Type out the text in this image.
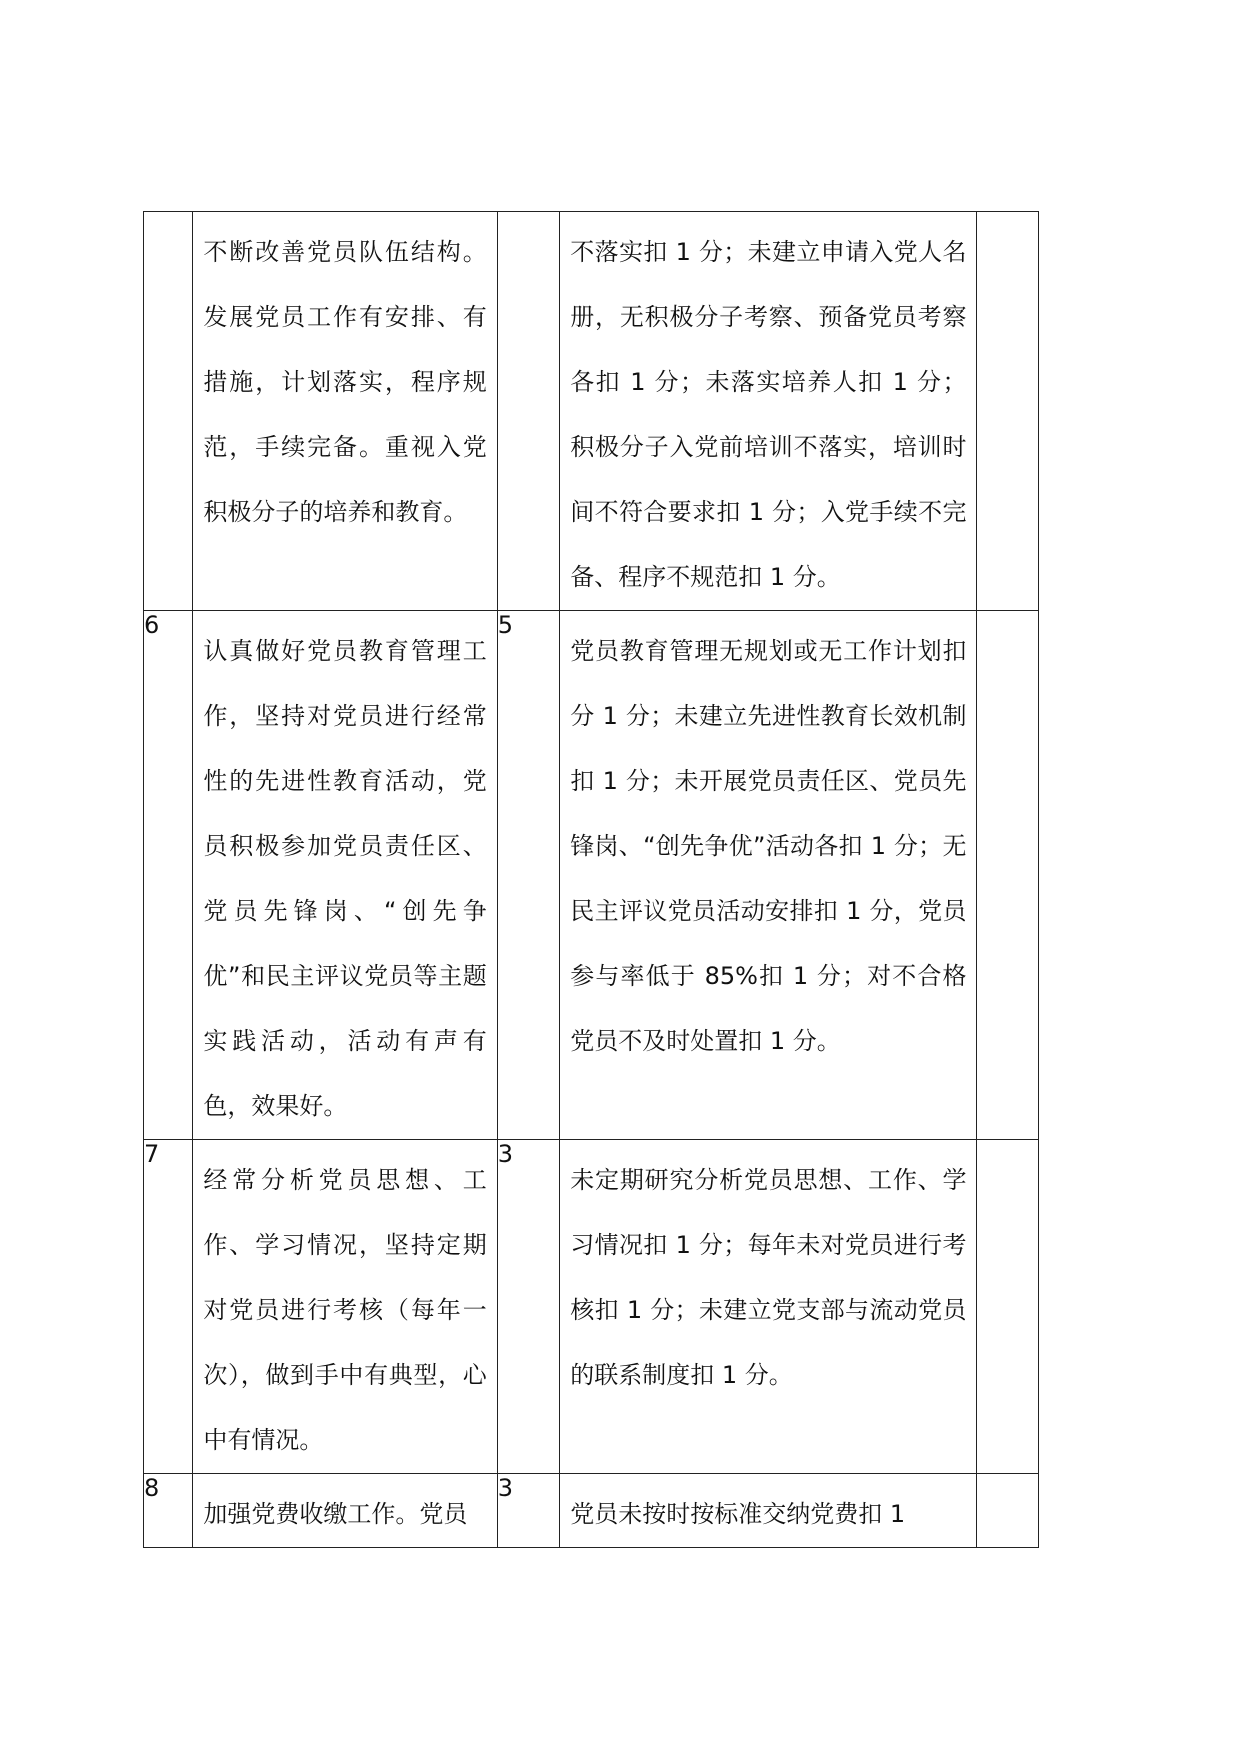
	不断改善党员队伍结构。发展党员工作有安排、有措施，计划落实，程序规范，手续完备。重视入党积极分子的培养和教育。		不落实扣 1 分；未建立申请入党人名册，无积极分子考察、预备党员考察各扣 1 分；未落实培养人扣 1 分；积极分子入党前培训不落实，培训时间不符合要求扣 1 分；入党手续不完备、程序不规范扣 1 分。	

6	认真做好党员教育管理工作，坚持对党员进行经常性的先进性教育活动，党员积极参加党员责任区、党员先锋岗、“创先争优”和民主评议党员等主题实践活动，活动有声有色，效果好。	5	党员教育管理无规划或无工作计划扣分 1 分；未建立先进性教育长效机制扣 1 分；未开展党员责任区、党员先锋岗、“创先争优”活动各扣 1 分；无民主评议党员活动安排扣 1 分，党员参与率低于 85%扣 1 分；对不合格党员不及时处置扣 1 分。	

7	经常分析党员思想、工作、学习情况，坚持定期对党员进行考核（每年一次），做到手中有典型，心中有情况。	3	未定期研究分析党员思想、工作、学习情况扣 1 分；每年未对党员进行考核扣 1 分；未建立党支部与流动党员的联系制度扣 1 分。	

8	加强党费收缴工作。党员	3	党员未按时按标准交纳党费扣 1	
